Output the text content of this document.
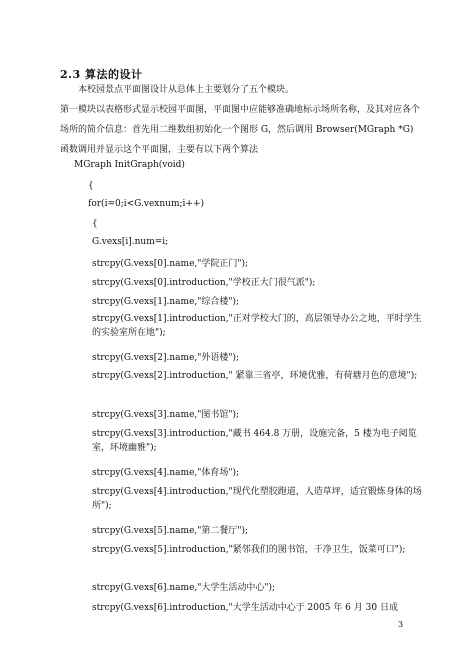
2.3 算法的设计
本校园景点平面图设计从总体上主要划分了五个模块。
第一模块以表格形式显示校园平面图，平面图中应能够准确地标示场所名称，及其对应各个场所的简介信息：首先用二维数组初始化一个图形 G，然后调用 Browser(MGraph *G)函数调用并显示这个平面图，主要有以下两个算法
MGraph InitGraph(void)
{
for(i=0;i<G.vexnum;i++)
{
G.vexs[i].num=i;
strcpy(G.vexs[0].name,"学院正门");
strcpy(G.vexs[0].introduction,"学校正大门很气派");
strcpy(G.vexs[1].name,"综合楼");
strcpy(G.vexs[1].introduction,"正对学校大门的，高层领导办公之地，平时学生的实验室所在地");
strcpy(G.vexs[2].name,"外语楼");
strcpy(G.vexs[2].introduction," 紧靠三省亭，环境优雅，有荷塘月色的意境");
strcpy(G.vexs[3].name,"图书馆");
strcpy(G.vexs[3].introduction,"藏书 464.8 万册，设施完备，5 楼为电子阅览室，环境幽雅");
strcpy(G.vexs[4].name,"体育场");
strcpy(G.vexs[4].introduction,"现代化塑胶跑道，人造草坪，适宜锻炼身体的场所");
strcpy(G.vexs[5].name,"第二餐厅");
strcpy(G.vexs[5].introduction,"紧邻我们的图书馆，干净卫生，饭菜可口");
strcpy(G.vexs[6].name,"大学生活动中心");
strcpy(G.vexs[6].introduction,"大学生活动中心于 2005 年 6 月 30 日成
3
